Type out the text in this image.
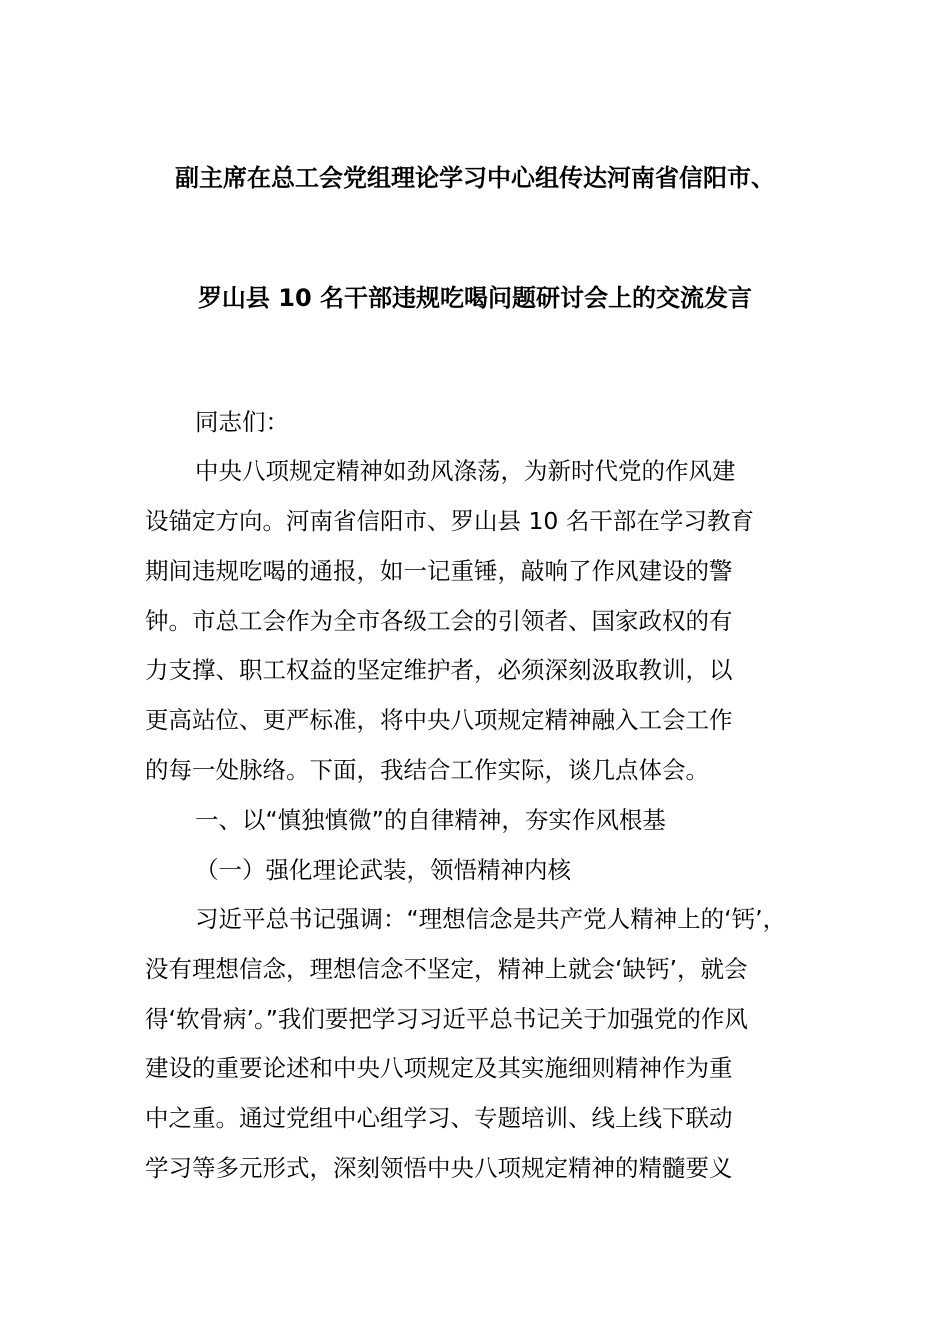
副主席在总工会党组理论学习中心组传达河南省信阳市、
罗山县 10 名干部违规吃喝问题研讨会上的交流发言
同志们：
中央八项规定精神如劲风涤荡，为新时代党的作风建
设锚定方向。河南省信阳市、罗山县 10 名干部在学习教育
期间违规吃喝的通报，如一记重锤，敲响了作风建设的警
钟。市总工会作为全市各级工会的引领者、国家政权的有
力支撑、职工权益的坚定维护者，必须深刻汲取教训，以
更高站位、更严标准，将中央八项规定精神融入工会工作
的每一处脉络。下面，我结合工作实际，谈几点体会。
一、以“慎独慎微”的自律精神，夯实作风根基
（一）强化理论武装，领悟精神内核
习近平总书记强调：“理想信念是共产党人精神上的‘钙’，
没有理想信念，理想信念不坚定，精神上就会‘缺钙’，就会
得‘软骨病’。”我们要把学习习近平总书记关于加强党的作风
建设的重要论述和中央八项规定及其实施细则精神作为重
中之重。通过党组中心组学习、专题培训、线上线下联动
学习等多元形式，深刻领悟中央八项规定精神的精髓要义
